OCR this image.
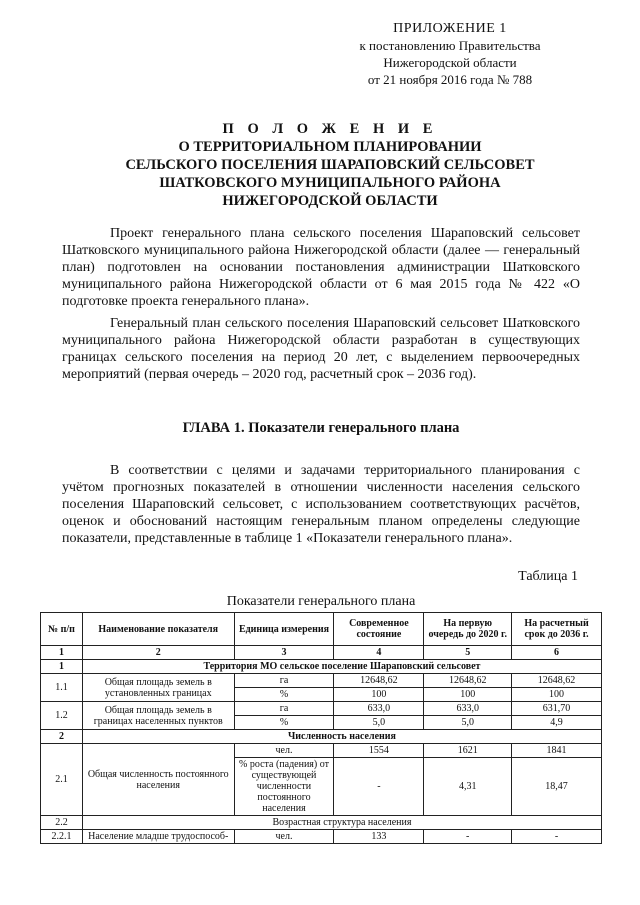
ПРИЛОЖЕНИЕ 1
к постановлению Правительства
Нижегородской области
от 21 ноября 2016 года № 788
П О Л О Ж Е Н И Е
О ТЕРРИТОРИАЛЬНОМ ПЛАНИРОВАНИИ
СЕЛЬСКОГО ПОСЕЛЕНИЯ ШАРАПОВСКИЙ СЕЛЬСОВЕТ
ШАТКОВСКОГО МУНИЦИПАЛЬНОГО РАЙОНА
НИЖЕГОРОДСКОЙ ОБЛАСТИ

Проект генерального плана сельского поселения Шараповский сельсовет Шатковского муниципального района Нижегородской области (далее — генеральный план) подготовлен на основании постановления администрации Шатковского муниципального района Нижегородской области от 6 мая 2015 года № 422 «О подготовке проекта генерального плана».

Генеральный план сельского поселения Шараповский сельсовет Шатковского муниципального района Нижегородской области разработан в существующих границах сельского поселения на период 20 лет, с выделением первоочередных мероприятий (первая очередь – 2020 год, расчетный срок – 2036 год).

ГЛАВА 1. Показатели генерального плана

В соответствии с целями и задачами территориального планирования с учётом прогнозных показателей в отношении численности населения сельского поселения Шараповский сельсовет, с использованием соответствующих расчётов, оценок и обоснований настоящим генеральным планом определены следующие показатели, представленные в таблице 1 «Показатели генерального плана».

Таблица 1
Показатели генерального плана
№ п/п	Наименование показателя	Единица измерения	Современное состояние	На первую очередь до 2020 г.	На расчетный срок до 2036 г.
1	2	3	4	5	6
1	Территория МО сельское поселение Шараповский сельсовет				
1.1	Общая площадь земель в установленных границах	га	12648,62	12648,62	12648,62
		%	100	100	100
1.2	Общая площадь земель в границах населенных пунктов	га	633,0	633,0	631,70
		%	5,0	5,0	4,9
2	Численность населения				
2.1	Общая численность постоянного населения	чел.	1554	1621	1841
		% роста (падения) от существующей численности постоянного населения	-	4,31	18,47
2.2	Возрастная структура населения				
2.2.1	Население младше трудоспособ-	чел.	133	-	-
